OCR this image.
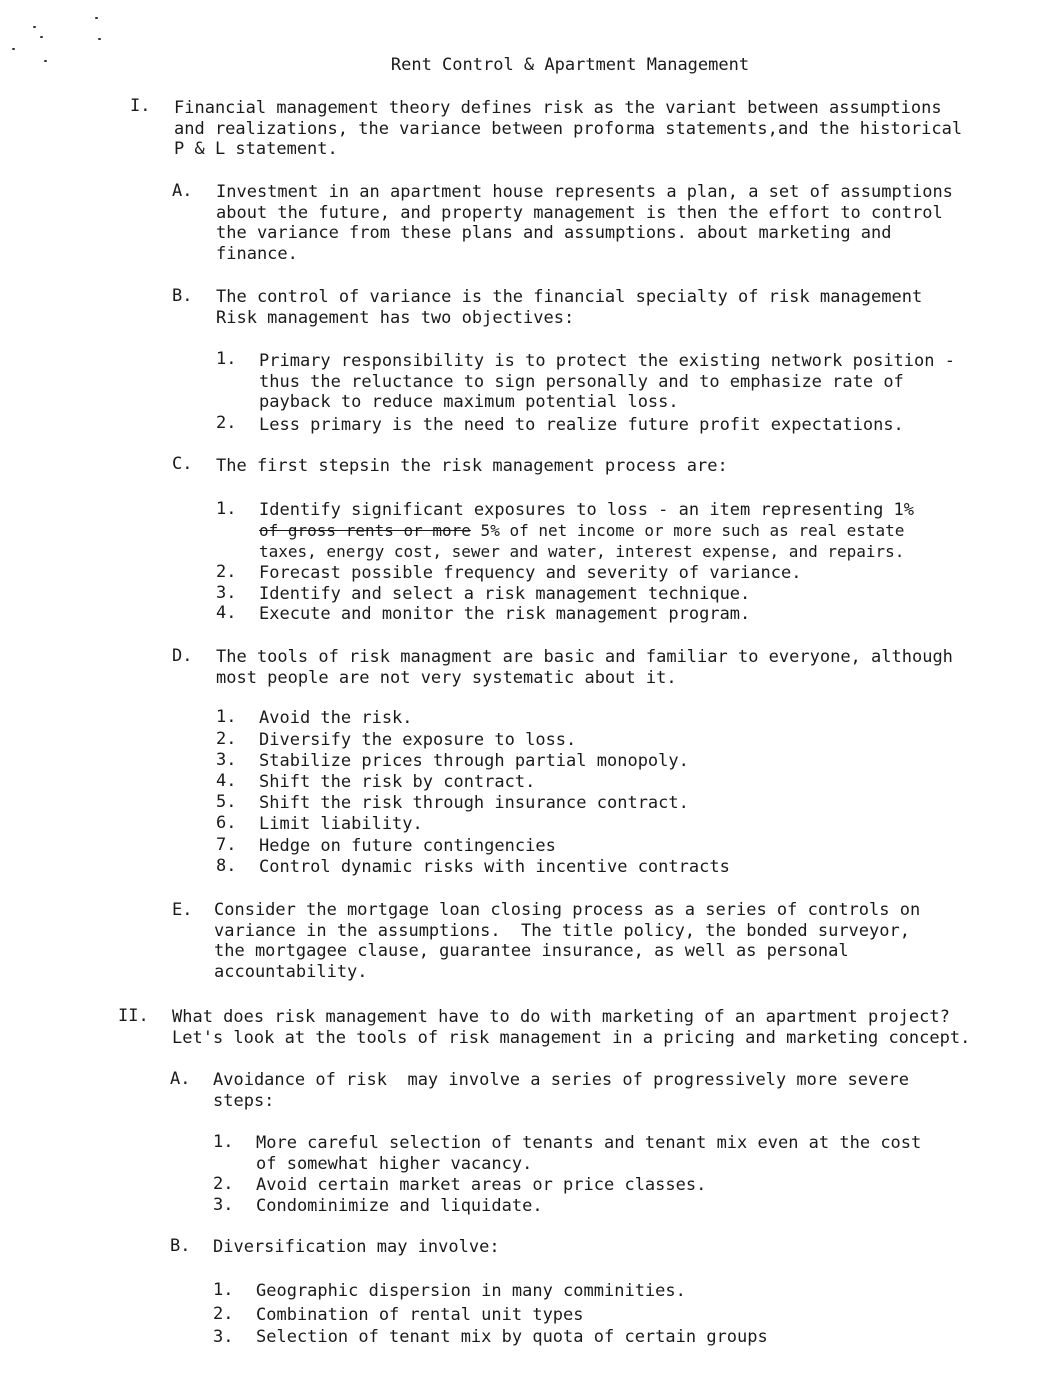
Rent Control & Apartment Management
I. Financial management theory defines risk as the variant between assumptions
and realizations, the variance between proforma statements,and the historical
P & L statement.
A. Investment in an apartment house represents a plan, a set of assumptions
about the future, and property management is then the effort to control
the variance from these plans and assumptions. about marketing and
finance.
B. The control of variance is the financial specialty of risk management
Risk management has two objectives:
1. Primary responsibility is to protect the existing network position -
thus the reluctance to sign personally and to emphasize rate of
payback to reduce maximum potential loss.
2. Less primary is the need to realize future profit expectations.
C. The first stepsin the risk management process are:
1. Identify significant exposures to loss - an item representing 1%
of gross rents or more 5% of net income or more such as real estate
taxes, energy cost, sewer and water, interest expense, and repairs.
2. Forecast possible frequency and severity of variance.
3. Identify and select a risk management technique.
4. Execute and monitor the risk management program.
D. The tools of risk managment are basic and familiar to everyone, although
most people are not very systematic about it.
1. Avoid the risk.
2. Diversify the exposure to loss.
3. Stabilize prices through partial monopoly.
4. Shift the risk by contract.
5. Shift the risk through insurance contract.
6. Limit liability.
7. Hedge on future contingencies
8. Control dynamic risks with incentive contracts
E. Consider the mortgage loan closing process as a series of controls on
variance in the assumptions.  The title policy, the bonded surveyor,
the mortgagee clause, guarantee insurance, as well as personal
accountability.
II. What does risk management have to do with marketing of an apartment project?
Let's look at the tools of risk management in a pricing and marketing concept.
A. Avoidance of risk  may involve a series of progressively more severe
steps:
1. More careful selection of tenants and tenant mix even at the cost
of somewhat higher vacancy.
2. Avoid certain market areas or price classes.
3. Condominimize and liquidate.
B. Diversification may involve:
1. Geographic dispersion in many comminities.
2. Combination of rental unit types
3. Selection of tenant mix by quota of certain groups
